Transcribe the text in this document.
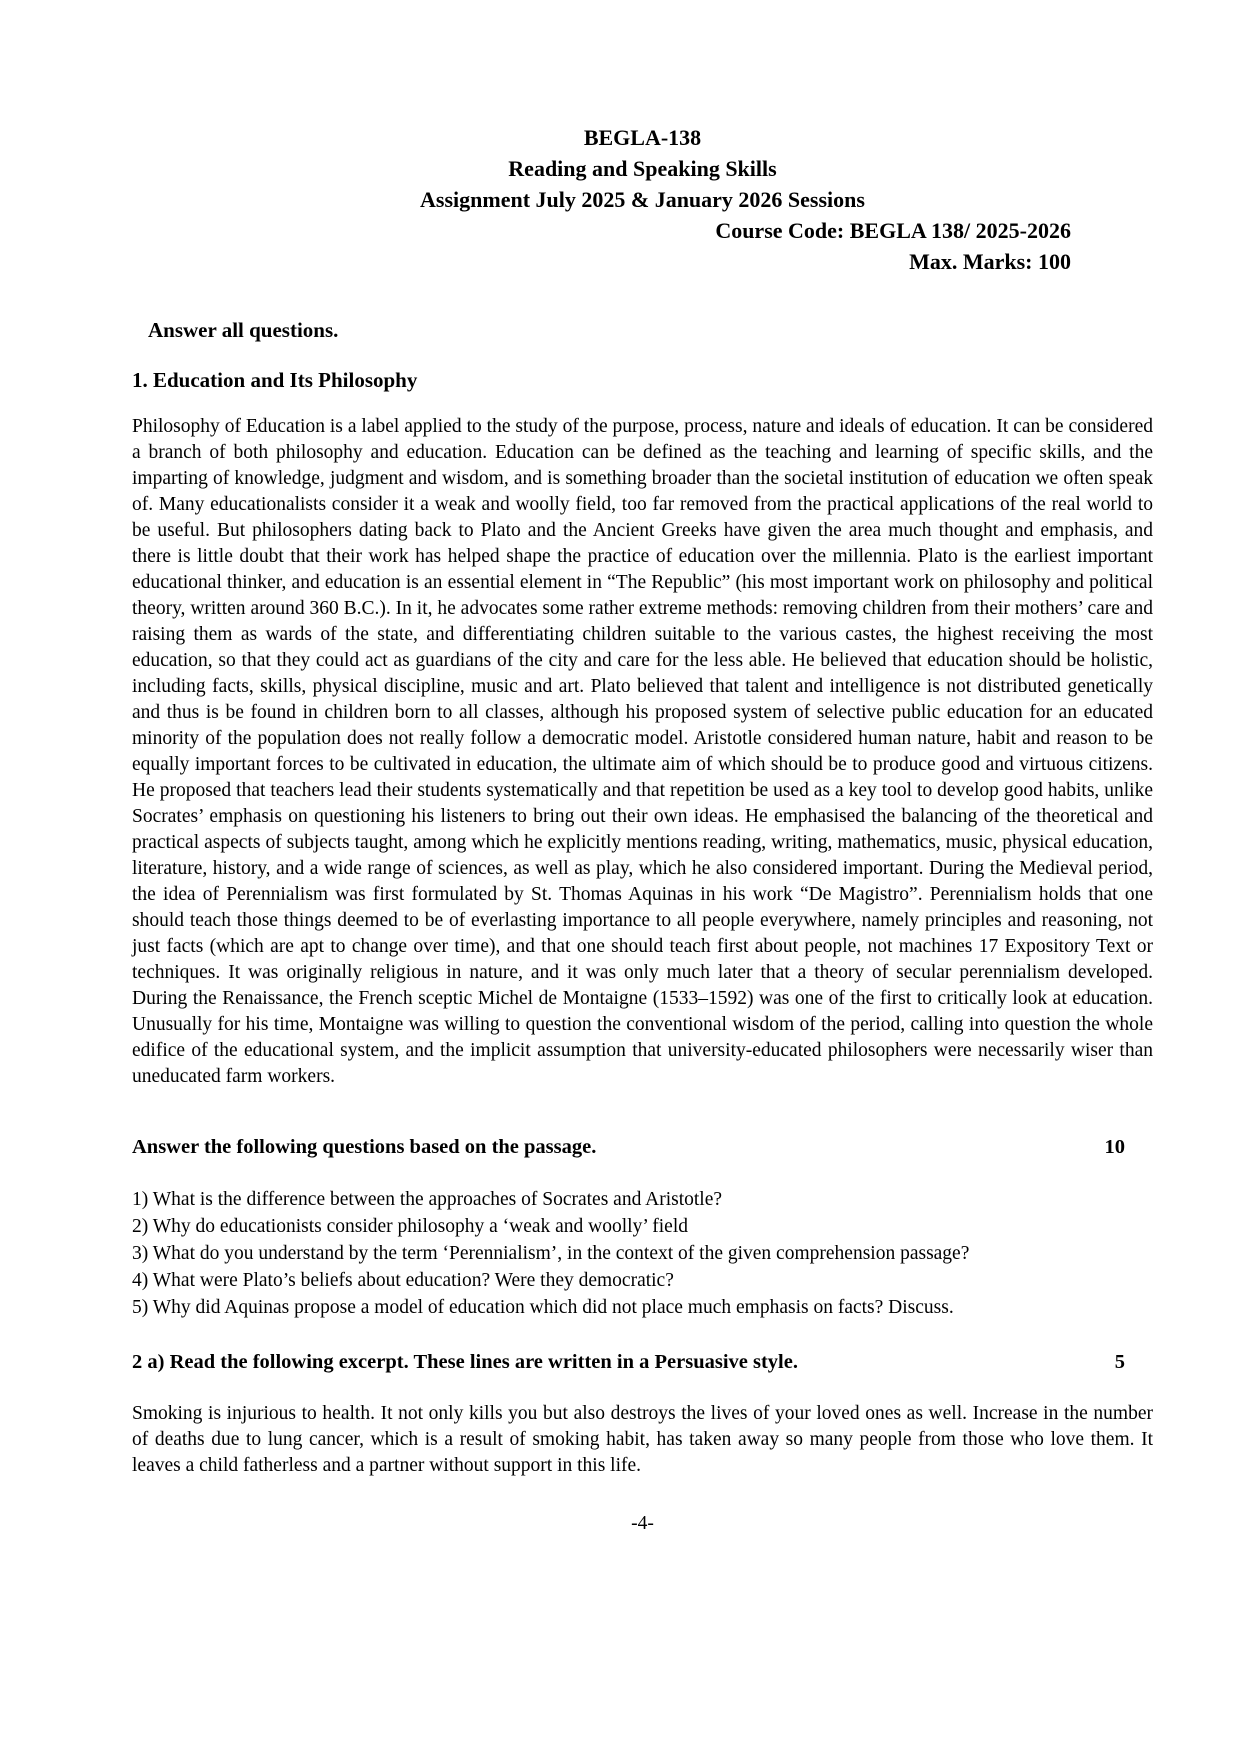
BEGLA-138
Reading and Speaking Skills
Assignment July 2025 & January 2026 Sessions
Course Code: BEGLA 138/ 2025-2026
Max. Marks: 100
Answer all questions.
1. Education and Its Philosophy

Philosophy of Education is a label applied to the study of the purpose, process, nature and ideals of education. It can be considered a branch of both philosophy and education. Education can be defined as the teaching and learning of specific skills, and the imparting of knowledge, judgment and wisdom, and is something broader than the societal institution of education we often speak of. Many educationalists consider it a weak and woolly field, too far removed from the practical applications of the real world to be useful. But philosophers dating back to Plato and the Ancient Greeks have given the area much thought and emphasis, and there is little doubt that their work has helped shape the practice of education over the millennia. Plato is the earliest important educational thinker, and education is an essential element in “The Republic” (his most important work on philosophy and political theory, written around 360 B.C.). In it, he advocates some rather extreme methods: removing children from their mothers’ care and raising them as wards of the state, and differentiating children suitable to the various castes, the highest receiving the most education, so that they could act as guardians of the city and care for the less able. He believed that education should be holistic, including facts, skills, physical discipline, music and art. Plato believed that talent and intelligence is not distributed genetically and thus is be found in children born to all classes, although his proposed system of selective public education for an educated minority of the population does not really follow a democratic model. Aristotle considered human nature, habit and reason to be equally important forces to be cultivated in education, the ultimate aim of which should be to produce good and virtuous citizens. He proposed that teachers lead their students systematically and that repetition be used as a key tool to develop good habits, unlike Socrates’ emphasis on questioning his listeners to bring out their own ideas. He emphasised the balancing of the theoretical and practical aspects of subjects taught, among which he explicitly mentions reading, writing, mathematics, music, physical education, literature, history, and a wide range of sciences, as well as play, which he also considered important. During the Medieval period, the idea of Perennialism was first formulated by St. Thomas Aquinas in his work “De Magistro”. Perennialism holds that one should teach those things deemed to be of everlasting importance to all people everywhere, namely principles and reasoning, not just facts (which are apt to change over time), and that one should teach first about people, not machines 17 Expository Text or techniques. It was originally religious in nature, and it was only much later that a theory of secular perennialism developed. During the Renaissance, the French sceptic Michel de Montaigne (1533–1592) was one of the first to critically look at education. Unusually for his time, Montaigne was willing to question the conventional wisdom of the period, calling into question the whole edifice of the educational system, and the implicit assumption that university-educated philosophers were necessarily wiser than uneducated farm workers.

Answer the following questions based on the passage.	10
1) What is the difference between the approaches of Socrates and Aristotle?
2) Why do educationists consider philosophy a ‘weak and woolly’ field
3) What do you understand by the term ‘Perennialism’, in the context of the given comprehension passage?
4) What were Plato’s beliefs about education? Were they democratic?
5) Why did Aquinas propose a model of education which did not place much emphasis on facts? Discuss.
2 a) Read the following excerpt. These lines are written in a Persuasive style.	5

Smoking is injurious to health. It not only kills you but also destroys the lives of your loved ones as well. Increase in the number of deaths due to lung cancer, which is a result of smoking habit, has taken away so many people from those who love them. It leaves a child fatherless and a partner without support in this life.

-4-
